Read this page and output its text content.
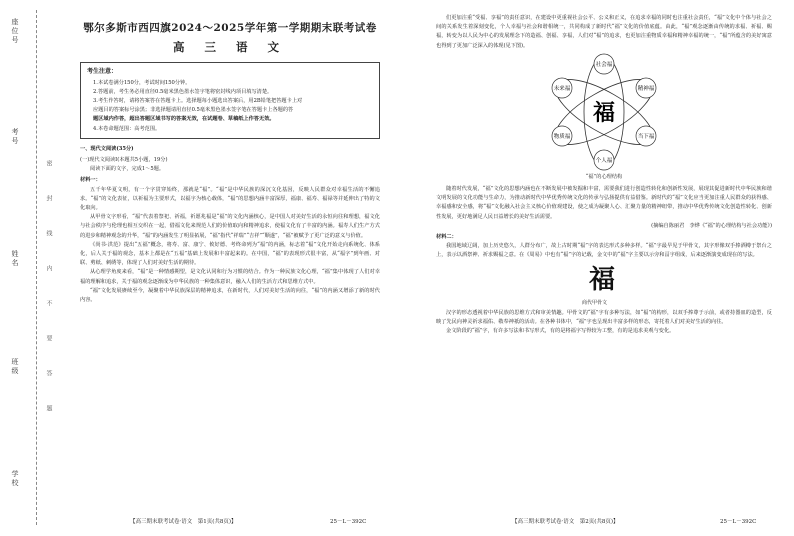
座位号
考号
姓名
班级
学校
密
封
线
内
不
要
答
题
鄂尔多斯市西四旗2024～2025学年第一学期期末联考试卷
高 三 语 文
考生注意：

1.本试卷满分150分，考试时间150分钟。

2.答题前，考生务必用直径0.5毫米黑色墨水签字笔将密封线内项目填写清楚。

3.考生作答时，请将答案答在答题卡上。选择题每小题选出答案后，用2B铅笔把答题卡上对

应题目的答案标号涂黑；非选择题请用直径0.5毫米黑色墨水签字笔在答题卡上各题的答

题区域内作答，超出答题区域书写的答案无效，在试题卷、草稿纸上作答无效。

4.本卷命题范围：高考范围。

一、现代文阅读(35分)

(一)现代文阅读Ⅰ(本题共5小题，19分)

阅读下面的文字，完成1～5题。

材料一：

五千年华夏文明，有一个字贯穿始终，那就是“福”。“福”是中华民族的深沉文化基因，反映人民群众对幸福生活的不懈追求。“福”的文化表征，以祈福为主要形式，以福字为核心载体，“福”的思想内涵丰富深厚，福康、福寿、福禄等并延伸出了特的文化取向。

从甲骨文字形看，“福”代表着祭祀、祈福，祈愿兆福是“福”的文化内涵核心，是中国人对美好生活的永恒向往和理想，福文化与社会秩序与伦理也相互交织在一起，借福文化来规范人们的价值取向和精神追求，使福文化有了丰富的内涵。福寿人们生产方式的进步和精神观念的升华，“福”的内涵发生了明显拓展，“福”指代“祥瑞”“吉祥”“顺遂”，“福”被赋予了更广泛的意义与价值。

《尚书·洪范》提出“五福”概念，将寿、富、康宁、攸好德、考终命列为“福”的内涵，标志着“福”文化开始走向系统化、体系化，后人关于福的观念，基本上都是在“五福”基础上发展和丰富起来的。在中国，“福”的表现形式很丰富，从“福字”到年画、对联、剪纸、刺绣等，体现了人们对美好生活的期待。

从心理学角度来看，“福”是一种情感期望，是文化认同和行为习惯的结合。作为一种民族文化心理，“福”集中体现了人们对幸福的理解和追求，关于福的观念逐渐成为中华民族的一种集体意识，融入人们的生活方式和思维方式中。

“福”文化发展赓续至今，凝聚着中华民族深层的精神追求，在新时代，人们对美好生活的向往，“福”的内涵又增添了新的时代内容。

们更加注重“受福、享福”的责任意识，在建设中更重视社会公平、公义和正义，在追求幸福的同时也注重社会责任，“福”文化中个体与社会之间的关系发生着深刻变化，个人幸福与社会和谐相统一，共同构成了新时代“福”文化的价值底蕴。由此，“福”观念逐渐由传统的求福、祈福、赐福，转变为以人民为中心的发展理念下的造福、创福、享福，人们对“福”的追求，也更加注重物质幸福和精神幸福的统一，“福”所蕴含的美好寓意也得到了更加广泛深入的体现(见下图)。

福
社会福
精神福
当下福
个人福
物质福
未来福

“福”的心理结构

随着时代发展，“福”文化的思想内涵也在不断发展中被发掘和丰富，需要我们进行创造性转化和创新性发展，展现其促进新时代中华民族和谐文明发展的文化功能与生命力，为推动新时代中华优秀传统文化的传承与弘扬提供有益借鉴。新时代的“福”文化应当更加注重人民群众的获得感、幸福感和安全感，将“福”文化融入社会主义核心价值观建设，使之成为凝聚人心、汇聚力量的精神纽带，推动中华优秀传统文化创造性转化、创新性发展，更好地满足人民日益增长的美好生活需要。

(摘编自陈丽君　李烨《“福”的心理结构与社会功能》)

材料二：

我国地域辽阔，加上历史悠久，人群分布广，故上古时期“福”字的表达形式多种多样。“福”字最早见于甲骨文，其字形像双手捧酒樽于祭台之上，表示以酒祭神、祈求赐福之意。在《周易》中也有“福”字的记载，金文中的“福”字主要以示旁和畐字组成，后来逐渐演变成现在的写法。

福
商代甲骨文

汉字的形态透视着中华民族的思维方式和审美情趣。甲骨文的“福”字有多种写法，如“福”的构形，以双手捧尊于示前，或者持器皿的造型，反映了先民向神灵祈求福佑、敬奉神祇的活动。在各种书体中，“福”字也呈现出丰富多样的形态，寄托着人们对美好生活的向往。

金文阶段的“福”字，有许多写法和书写形式，有的是将福字写得较为工整，有的是追求美观与变化。

【高三期末联考试卷·语文　第1页(共8页)】	25－L－392C	【高三期末联考试卷·语文　第2页(共8页)】	25－L－392C
